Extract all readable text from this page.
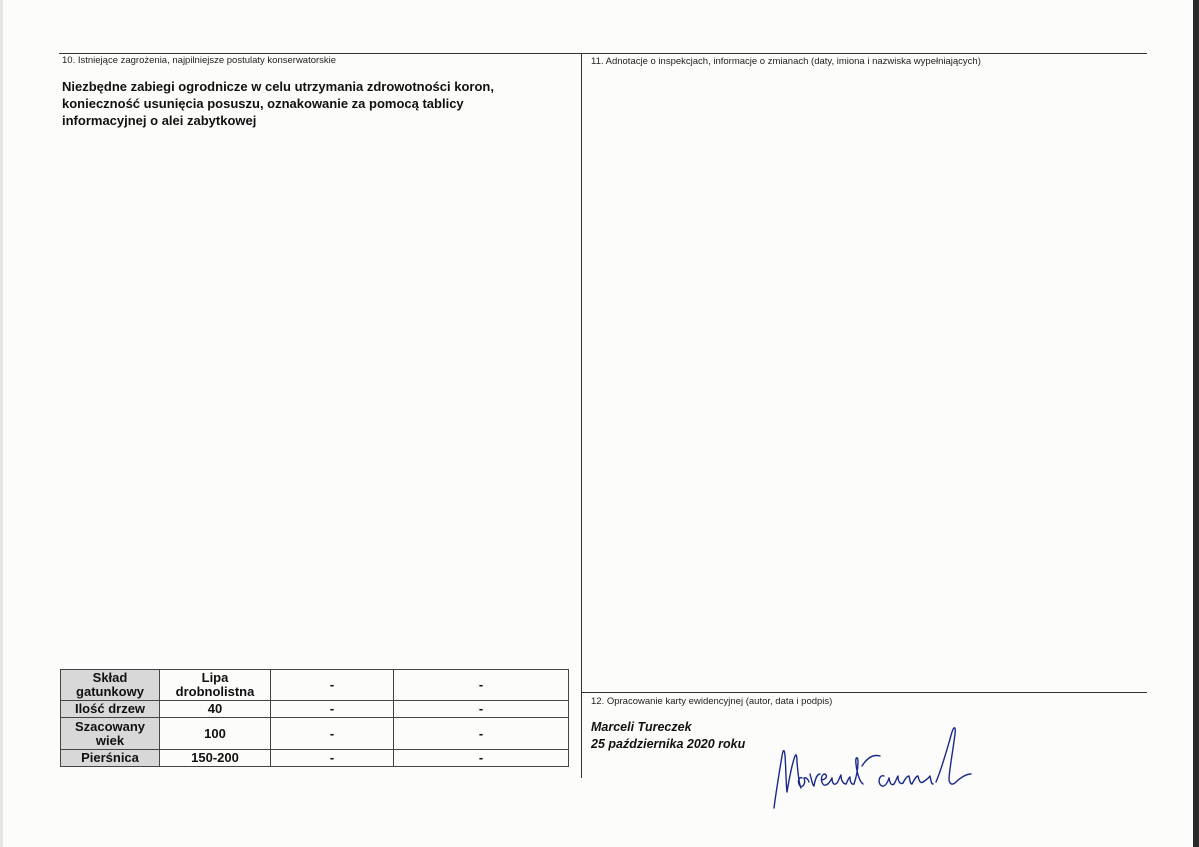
10. Istniejące zagrożenia, najpilniejsze postulaty konserwatorskie
Niezbędne zabiegi ogrodnicze w celu utrzymania zdrowotności koron, konieczność usunięcia posuszu, oznakowanie za pomocą tablicy informacyjnej o alei zabytkowej
11. Adnotacje o inspekcjach, informacje o zmianach (daty, imiona i nazwiska wypełniających)
Skład gatunkowy	Lipa drobnolistna	-	-
Ilość drzew	40	-	-
Szacowany wiek	100	-	-
Pierśnica	150-200	-	-
12. Opracowanie karty ewidencyjnej (autor, data i podpis)
Marceli Tureczek
25 października 2020 roku
